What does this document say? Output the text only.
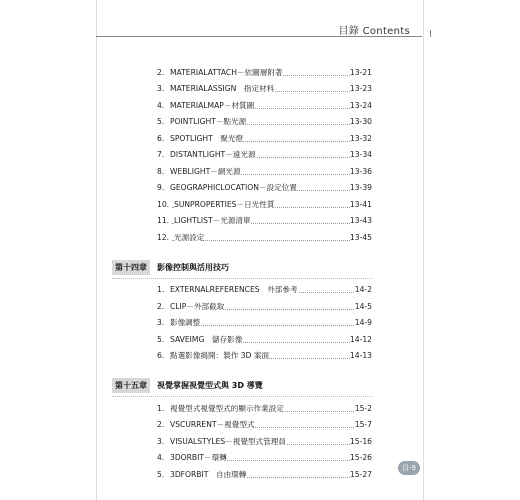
目錄 Contents
2. MATERIALATTACH－依圖層附著	13-21
3. MATERIALASSIGN　指定材料	13-23
4. MATERIALMAP－材質圖	13-24
5. POINTLIGHT－點光源	13-30
6. SPOTLIGHT　聚光燈	13-32
7. DISTANTLIGHT－遠光源	13-34
8. WEBLIGHT－網光源	13-36
9. GEOGRAPHICLOCATION－設定位置	13-39
10. SUNPROPERTIES－日光性質	13-41
11. LIGHTLIST－光源清單	13-43
12. 光源設定	13-45
第十四章	影像控制與活用技巧
1. EXTERNALREFERENCES　外部參考	14-2
2. CLIP－外部截取	14-5
3. 影像調整	14-9
5. SAVEIMG　儲存影像	14-12
6. 點選影像揭開：製作 3D 案面	14-13
第十五章	視覺掌握視覺型式與 3D 導覽
1. 視覺型式視覺型式的顯示作業設定	15-2
2. VSCURRENT－視覺型式	15-7
3. VISUALSTYLES－視覺型式管理員	15-16
4. 3DORBIT－環轉	15-26
5. 3DFORBIT　自由環轉	15-27
目-9
